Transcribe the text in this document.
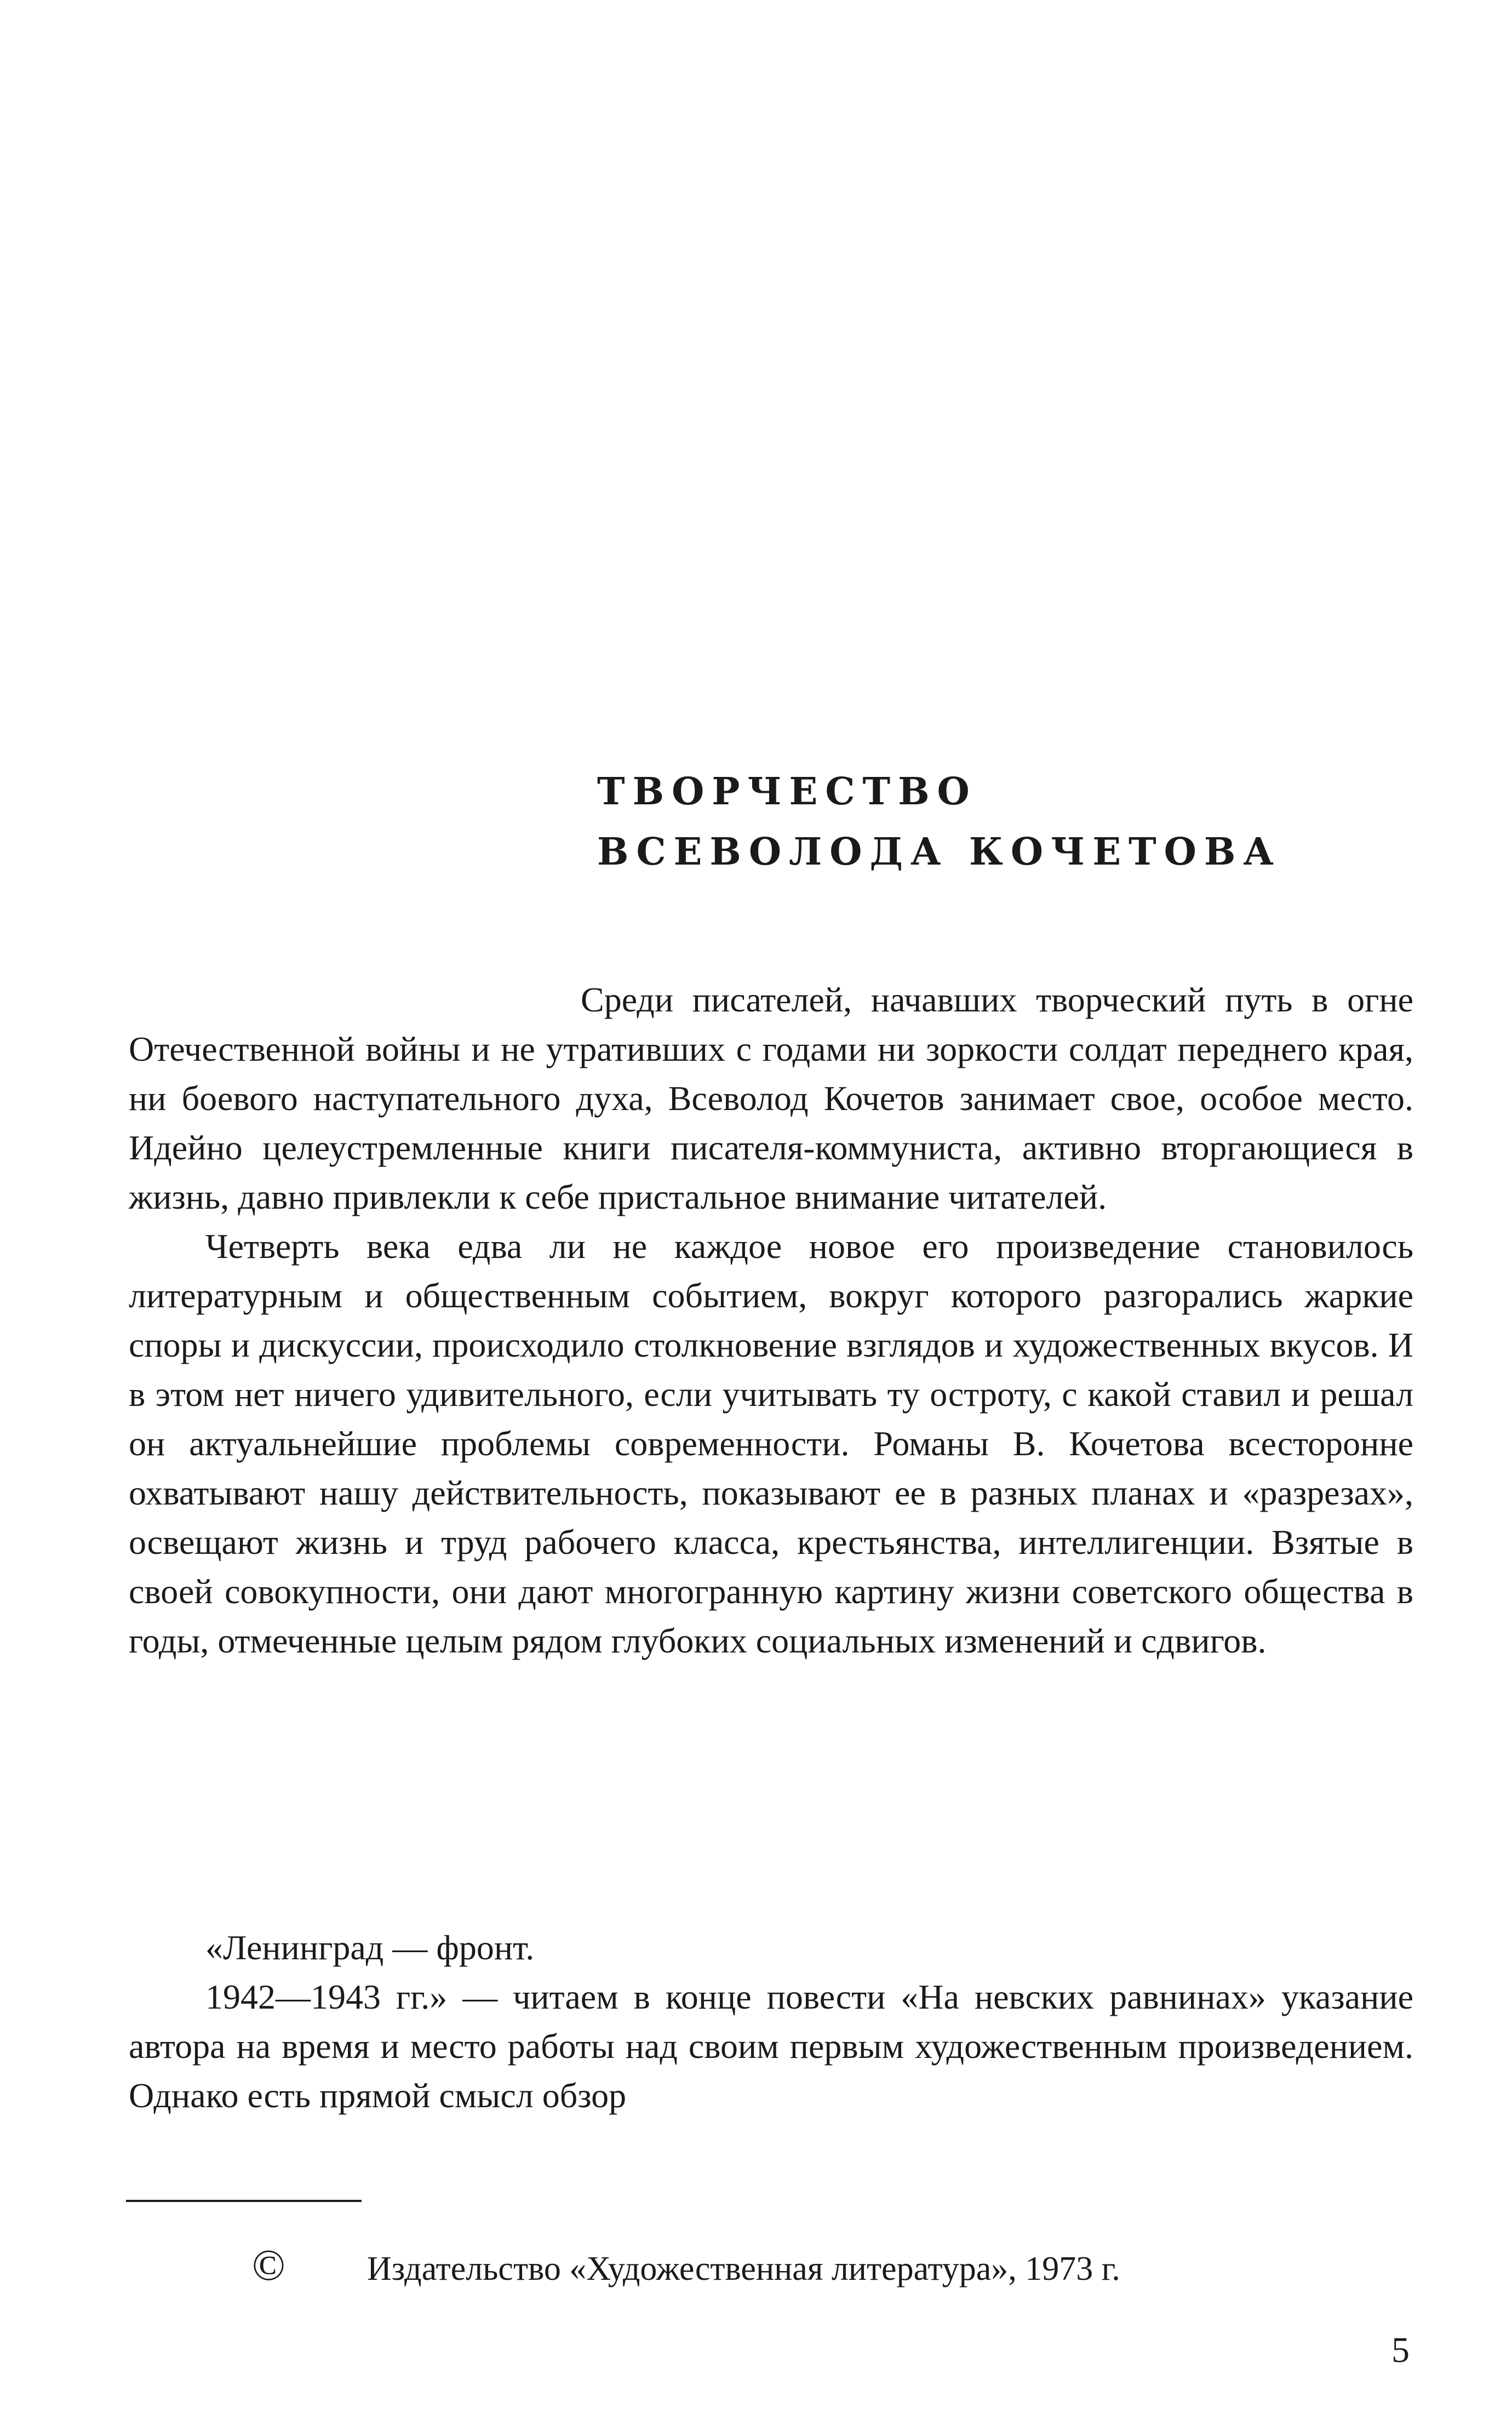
ТВОРЧЕСТВО
ВСЕВОЛОДА КОЧЕТОВА

Среди писателей, начавших творческий путь в огне Отечественной войны и не утративших с годами ни зоркости солдат переднего края, ни боевого наступательного духа, Всеволод Кочетов занимает свое, особое место. Идейно целеустремленные книги писателя-коммуниста, активно вторгающиеся в жизнь, давно привлекли к себе пристальное внимание читателей.

Четверть века едва ли не каждое новое его произведение становилось литературным и общественным событием, вокруг которого разгорались жаркие споры и дискуссии, происходило столкновение взглядов и художественных вкусов. И в этом нет ничего удивительного, если учитывать ту остроту, с какой ставил и решал он актуальнейшие проблемы современности. Романы В. Кочетова всесторонне охватывают нашу действительность, показывают ее в разных планах и «разрезах», освещают жизнь и труд рабочего класса, крестьянства, интеллигенции. Взятые в своей совокупности, они дают многогранную картину жизни советского общества в годы, отмеченные целым рядом глубоких социальных изменений и сдвигов.

«Ленинград — фронт.

1942—1943 гг.» — читаем в конце повести «На невских равнинах» указание автора на время и место работы над своим первым художественным произведением. Однако есть прямой смысл обзор

© Издательство «Художественная литература», 1973 г.
5
